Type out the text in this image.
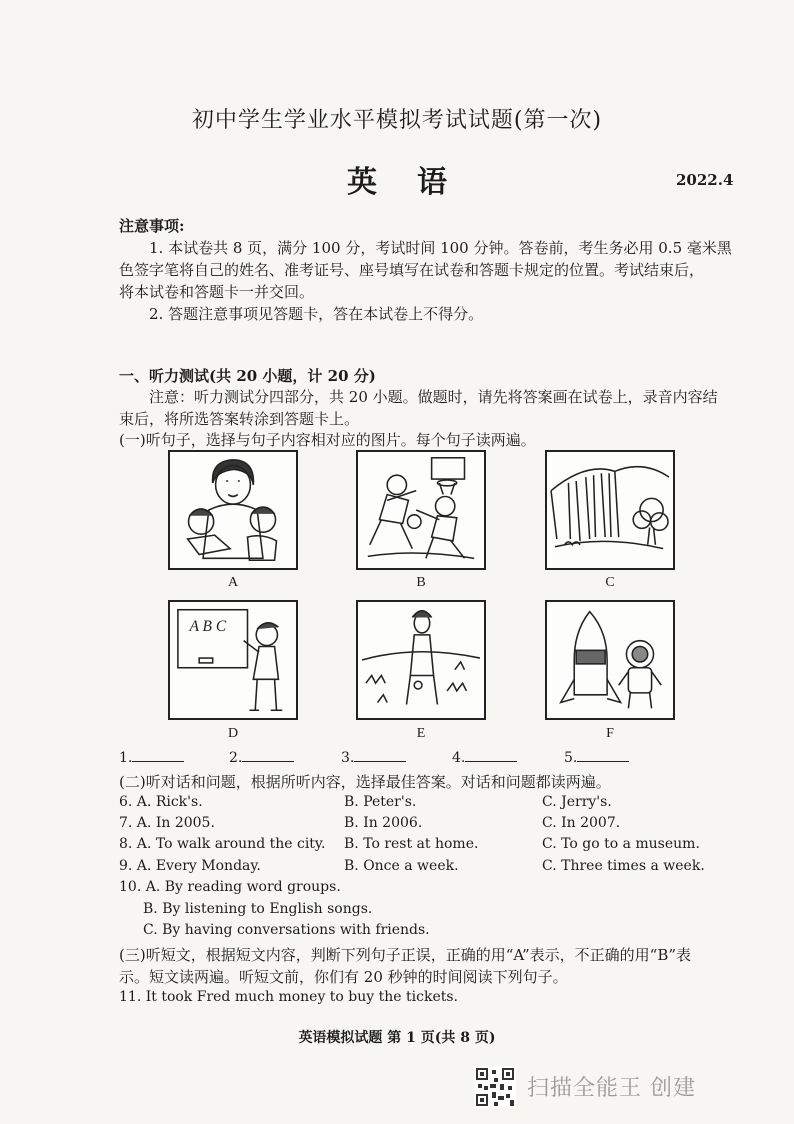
初中学生学业水平模拟考试试题(第一次)
英语	2022.4
注意事项:
1. 本试卷共 8 页，满分 100 分，考试时间 100 分钟。答卷前，考生务必用 0.5 毫米黑
色签字笔将自己的姓名、准考证号、座号填写在试卷和答题卡规定的位置。考试结束后，
将本试卷和答题卡一并交回。
2. 答题注意事项见答题卡，答在本试卷上不得分。
一、听力测试(共 20 小题，计 20 分)
注意：听力测试分四部分，共 20 小题。做题时，请先将答案画在试卷上，录音内容结
束后，将所选答案转涂到答题卡上。
(一)听句子，选择与句子内容相对应的图片。每个句子读两遍。
A	B	C
A B C
D	E	F
1.	2.	3.	4.	5.
(二)听对话和问题，根据所听内容，选择最佳答案。对话和问题都读两遍。
6. A. Rick's.	B. Peter's.	C. Jerry's.
7. A. In 2005.	B. In 2006.	C. In 2007.
8. A. To walk around the city. B. To rest at home.	C. To go to a museum.
9. A. Every Monday.	B. Once a week.	C. Three times a week.
10. A. By reading word groups.
B. By listening to English songs.
C. By having conversations with friends.
(三)听短文，根据短文内容，判断下列句子正误，正确的用“A”表示，不正确的用“B”表
示。短文读两遍。听短文前，你们有 20 秒钟的时间阅读下列句子。
11. It took Fred much money to buy the tickets.
英语模拟试题 第 1 页(共 8 页)
扫描全能王 创建
